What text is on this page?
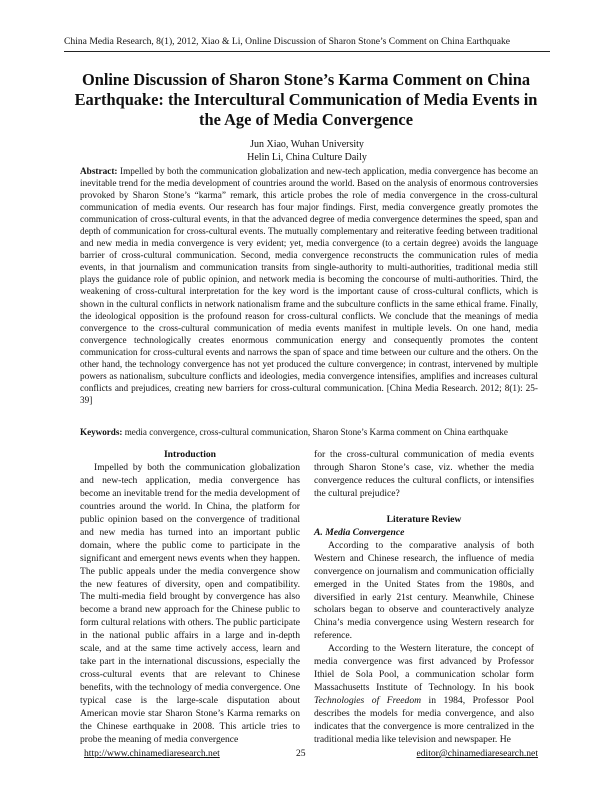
China Media Research, 8(1), 2012, Xiao & Li, Online Discussion of Sharon Stone’s Comment on China Earthquake
Online Discussion of Sharon Stone’s Karma Comment on China Earthquake: the Intercultural Communication of Media Events in the Age of Media Convergence
Jun Xiao, Wuhan University
Helin Li, China Culture Daily
Abstract: Impelled by both the communication globalization and new-tech application, media convergence has become an inevitable trend for the media development of countries around the world. Based on the analysis of enormous controversies provoked by Sharon Stone’s “karma” remark, this article probes the role of media convergence in the cross-cultural communication of media events. Our research has four major findings. First, media convergence greatly promotes the communication of cross-cultural events, in that the advanced degree of media convergence determines the speed, span and depth of communication for cross-cultural events. The mutually complementary and reiterative feeding between traditional and new media in media convergence is very evident; yet, media convergence (to a certain degree) avoids the language barrier of cross-cultural communication. Second, media convergence reconstructs the communication rules of media events, in that journalism and communication transits from single-authority to multi-authorities, traditional media still plays the guidance role of public opinion, and network media is becoming the concourse of multi-authorities. Third, the weakening of cross-cultural interpretation for the key word is the important cause of cross-cultural conflicts, which is shown in the cultural conflicts in network nationalism frame and the subculture conflicts in the same ethical frame. Finally, the ideological opposition is the profound reason for cross-cultural conflicts. We conclude that the meanings of media convergence to the cross-cultural communication of media events manifest in multiple levels. On one hand, media convergence technologically creates enormous communication energy and consequently promotes the content communication for cross-cultural events and narrows the span of space and time between our culture and the others. On the other hand, the technology convergence has not yet produced the culture convergence; in contrast, intervened by multiple powers as nationalism, subculture conflicts and ideologies, media convergence intensifies, amplifies and increases cultural conflicts and prejudices, creating new barriers for cross-cultural communication. [China Media Research. 2012; 8(1): 25-39]
Keywords: media convergence, cross-cultural communication, Sharon Stone’s Karma comment on China earthquake
Introduction

Impelled by both the communication globalization and new-tech application, media convergence has become an inevitable trend for the media development of countries around the world. In China, the platform for public opinion based on the convergence of traditional and new media has turned into an important public domain, where the public come to participate in the significant and emergent news events when they happen. The public appeals under the media convergence show the new features of diversity, open and compatibility. The multi-media field brought by convergence has also become a brand new approach for the Chinese public to form cultural relations with others. The public participate in the national public affairs in a large and in-depth scale, and at the same time actively access, learn and take part in the international discussions, especially the cross-cultural events that are relevant to Chinese benefits, with the technology of media convergence. One typical case is the large-scale disputation about American movie star Sharon Stone’s Karma remarks on the Chinese earthquake in 2008. This article tries to probe the meaning of media convergence

for the cross-cultural communication of media events through Sharon Stone’s case, viz. whether the media convergence reduces the cultural conflicts, or intensifies the cultural prejudice?

Literature Review
A. Media Convergence

According to the comparative analysis of both Western and Chinese research, the influence of media convergence on journalism and communication officially emerged in the United States from the 1980s, and diversified in early 21st century. Meanwhile, Chinese scholars began to observe and counteractively analyze China’s media convergence using Western research for reference.

According to the Western literature, the concept of media convergence was first advanced by Professor Ithiel de Sola Pool, a communication scholar form Massachusetts Institute of Technology. In his book Technologies of Freedom in 1984, Professor Pool describes the models for media convergence, and also indicates that the convergence is more centralized in the traditional media like television and newspaper. He

http://www.chinamediaresearch.net	25	editor@chinamediaresearch.net
